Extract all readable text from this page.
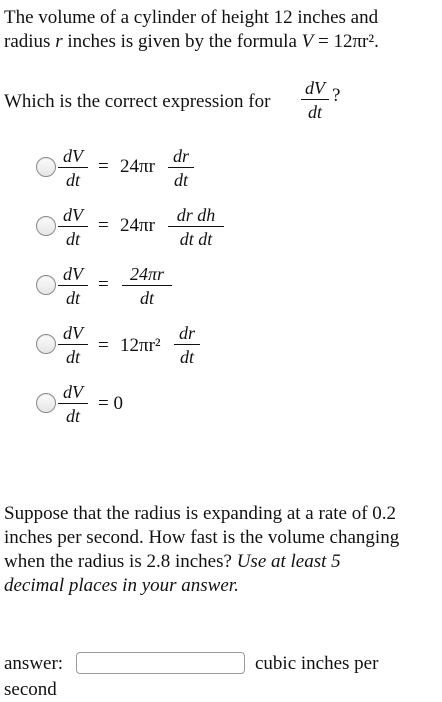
The volume of a cylinder of height 12 inches and
radius r inches is given by the formula V = 12πr².
Which is the correct expression for
dV
dt
?
dV
dt
= 24πr dr
dt
dV
dt
= 24πr	dr dh
dt dt
dV
dt
=	24πr
dt
dV
dt
= 12πr²
dr
dt
dV
dt
= 0
Suppose that the radius is expanding at a rate of 0.2
inches per second. How fast is the volume changing
when the radius is 2.8 inches? Use at least 5
decimal places in your answer.
answer:	cubic inches per
second
